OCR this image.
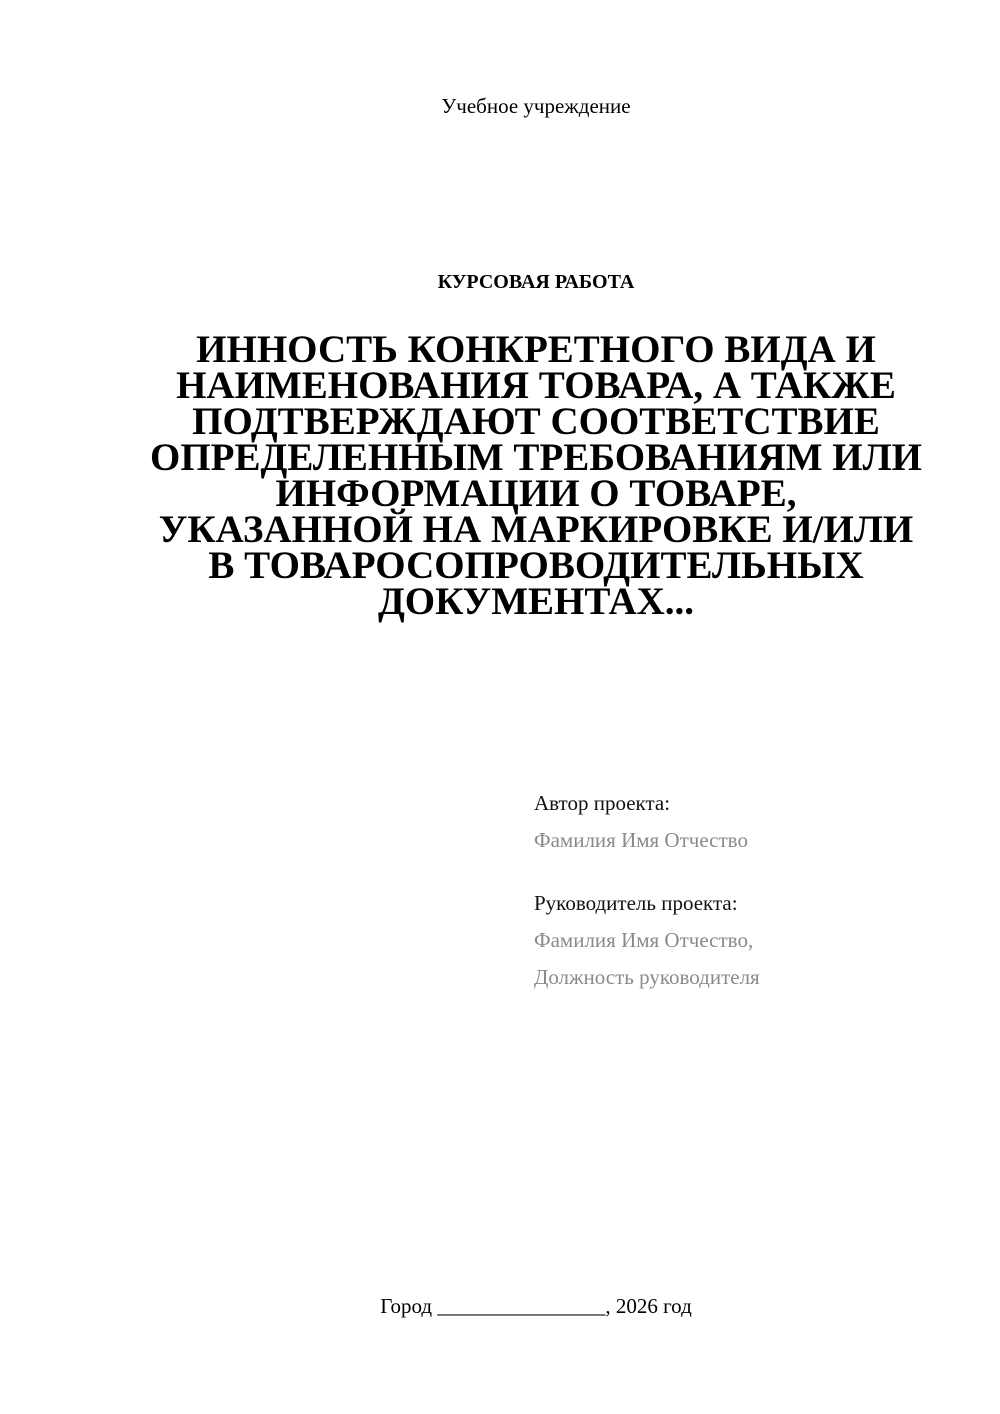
Учебное учреждение
КУРСОВАЯ РАБОТА
ИННОСТЬ КОНКРЕТНОГО ВИДА И
НАИМЕНОВАНИЯ ТОВАРА, А ТАКЖЕ
ПОДТВЕРЖДАЮТ СООТВЕТСТВИЕ
ОПРЕДЕЛЕННЫМ ТРЕБОВАНИЯМ ИЛИ
ИНФОРМАЦИИ О ТОВАРЕ,
УКАЗАННОЙ НА МАРКИРОВКЕ И/ИЛИ
В ТОВАРОСОПРОВОДИТЕЛЬНЫХ
ДОКУМЕНТАХ...
Автор проекта:
Фамилия Имя Отчество
Руководитель проекта:
Фамилия Имя Отчество,
Должность руководителя
Город ________________, 2026 год
